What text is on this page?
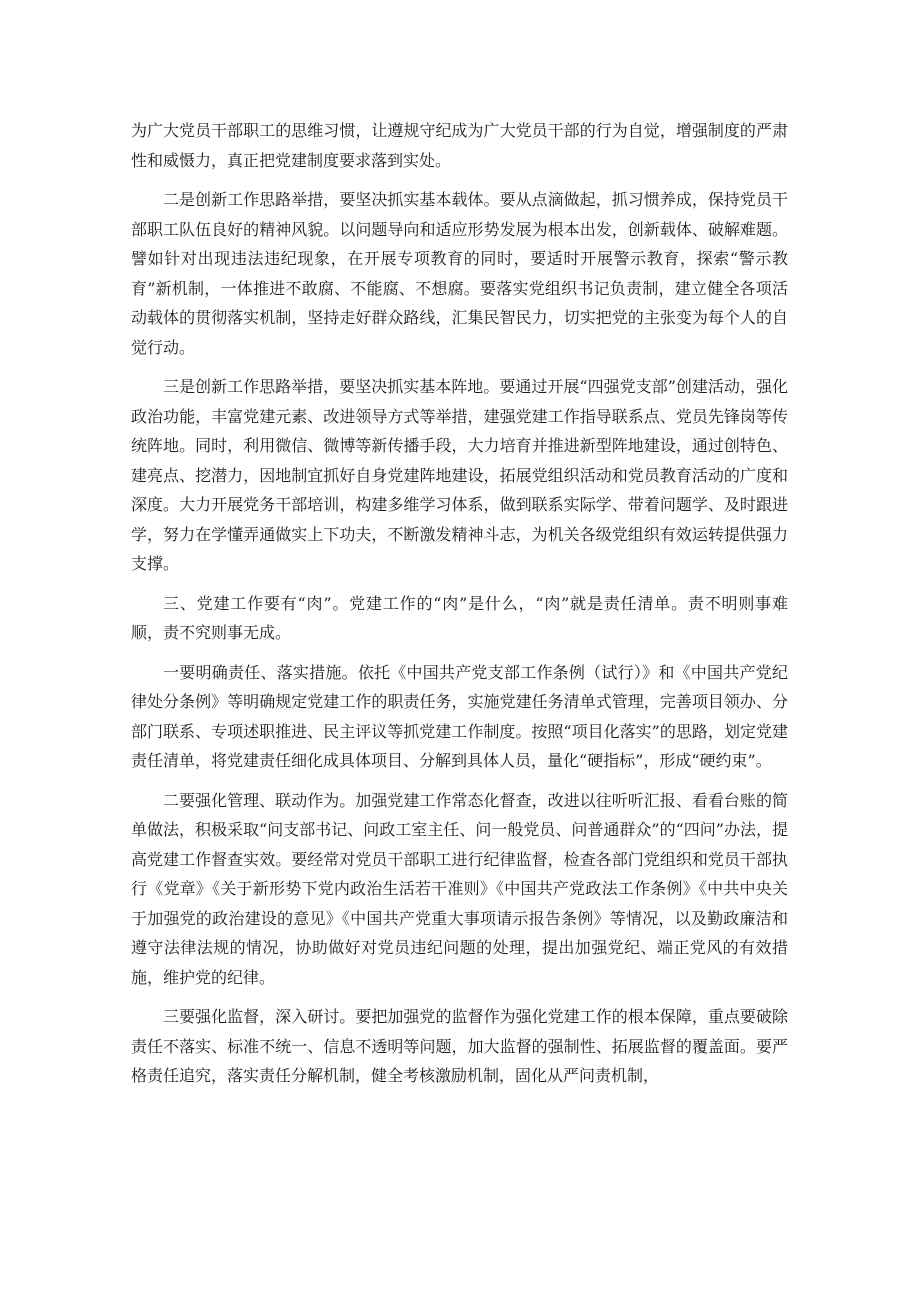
为广大党员干部职工的思维习惯，让遵规守纪成为广大党员干部的行为自觉，增强制度的严肃性和威慑力，真正把党建制度要求落到实处。

二是创新工作思路举措，要坚决抓实基本载体。要从点滴做起，抓习惯养成，保持党员干部职工队伍良好的精神风貌。以问题导向和适应形势发展为根本出发，创新载体、破解难题。譬如针对出现违法违纪现象，在开展专项教育的同时，要适时开展警示教育，探索“警示教育”新机制，一体推进不敢腐、不能腐、不想腐。要落实党组织书记负责制，建立健全各项活动载体的贯彻落实机制，坚持走好群众路线，汇集民智民力，切实把党的主张变为每个人的自觉行动。

三是创新工作思路举措，要坚决抓实基本阵地。要通过开展“四强党支部”创建活动，强化政治功能，丰富党建元素、改进领导方式等举措，建强党建工作指导联系点、党员先锋岗等传统阵地。同时，利用微信、微博等新传播手段，大力培育并推进新型阵地建设，通过创特色、建亮点、挖潜力，因地制宜抓好自身党建阵地建设，拓展党组织活动和党员教育活动的广度和深度。大力开展党务干部培训，构建多维学习体系，做到联系实际学、带着问题学、及时跟进学，努力在学懂弄通做实上下功夫，不断激发精神斗志，为机关各级党组织有效运转提供强力支撑。

三、党建工作要有“肉”。党建工作的“肉”是什么，“肉”就是责任清单。责不明则事难顺，责不究则事无成。

一要明确责任、落实措施。依托《中国共产党支部工作条例（试行）》和《中国共产党纪律处分条例》等明确规定党建工作的职责任务，实施党建任务清单式管理，完善项目领办、分部门联系、专项述职推进、民主评议等抓党建工作制度。按照“项目化落实”的思路，划定党建责任清单，将党建责任细化成具体项目、分解到具体人员，量化“硬指标”，形成“硬约束”。

二要强化管理、联动作为。加强党建工作常态化督查，改进以往听听汇报、看看台账的简单做法，积极采取“问支部书记、问政工室主任、问一般党员、问普通群众”的“四问”办法，提高党建工作督查实效。要经常对党员干部职工进行纪律监督，检查各部门党组织和党员干部执行《党章》《关于新形势下党内政治生活若干准则》《中国共产党政法工作条例》《中共中央关于加强党的政治建设的意见》《中国共产党重大事项请示报告条例》等情况，以及勤政廉洁和遵守法律法规的情况，协助做好对党员违纪问题的处理，提出加强党纪、端正党风的有效措施，维护党的纪律。

三要强化监督，深入研讨。要把加强党的监督作为强化党建工作的根本保障，重点要破除责任不落实、标准不统一、信息不透明等问题，加大监督的强制性、拓展监督的覆盖面。要严格责任追究，落实责任分解机制，健全考核激励机制，固化从严问责机制，
